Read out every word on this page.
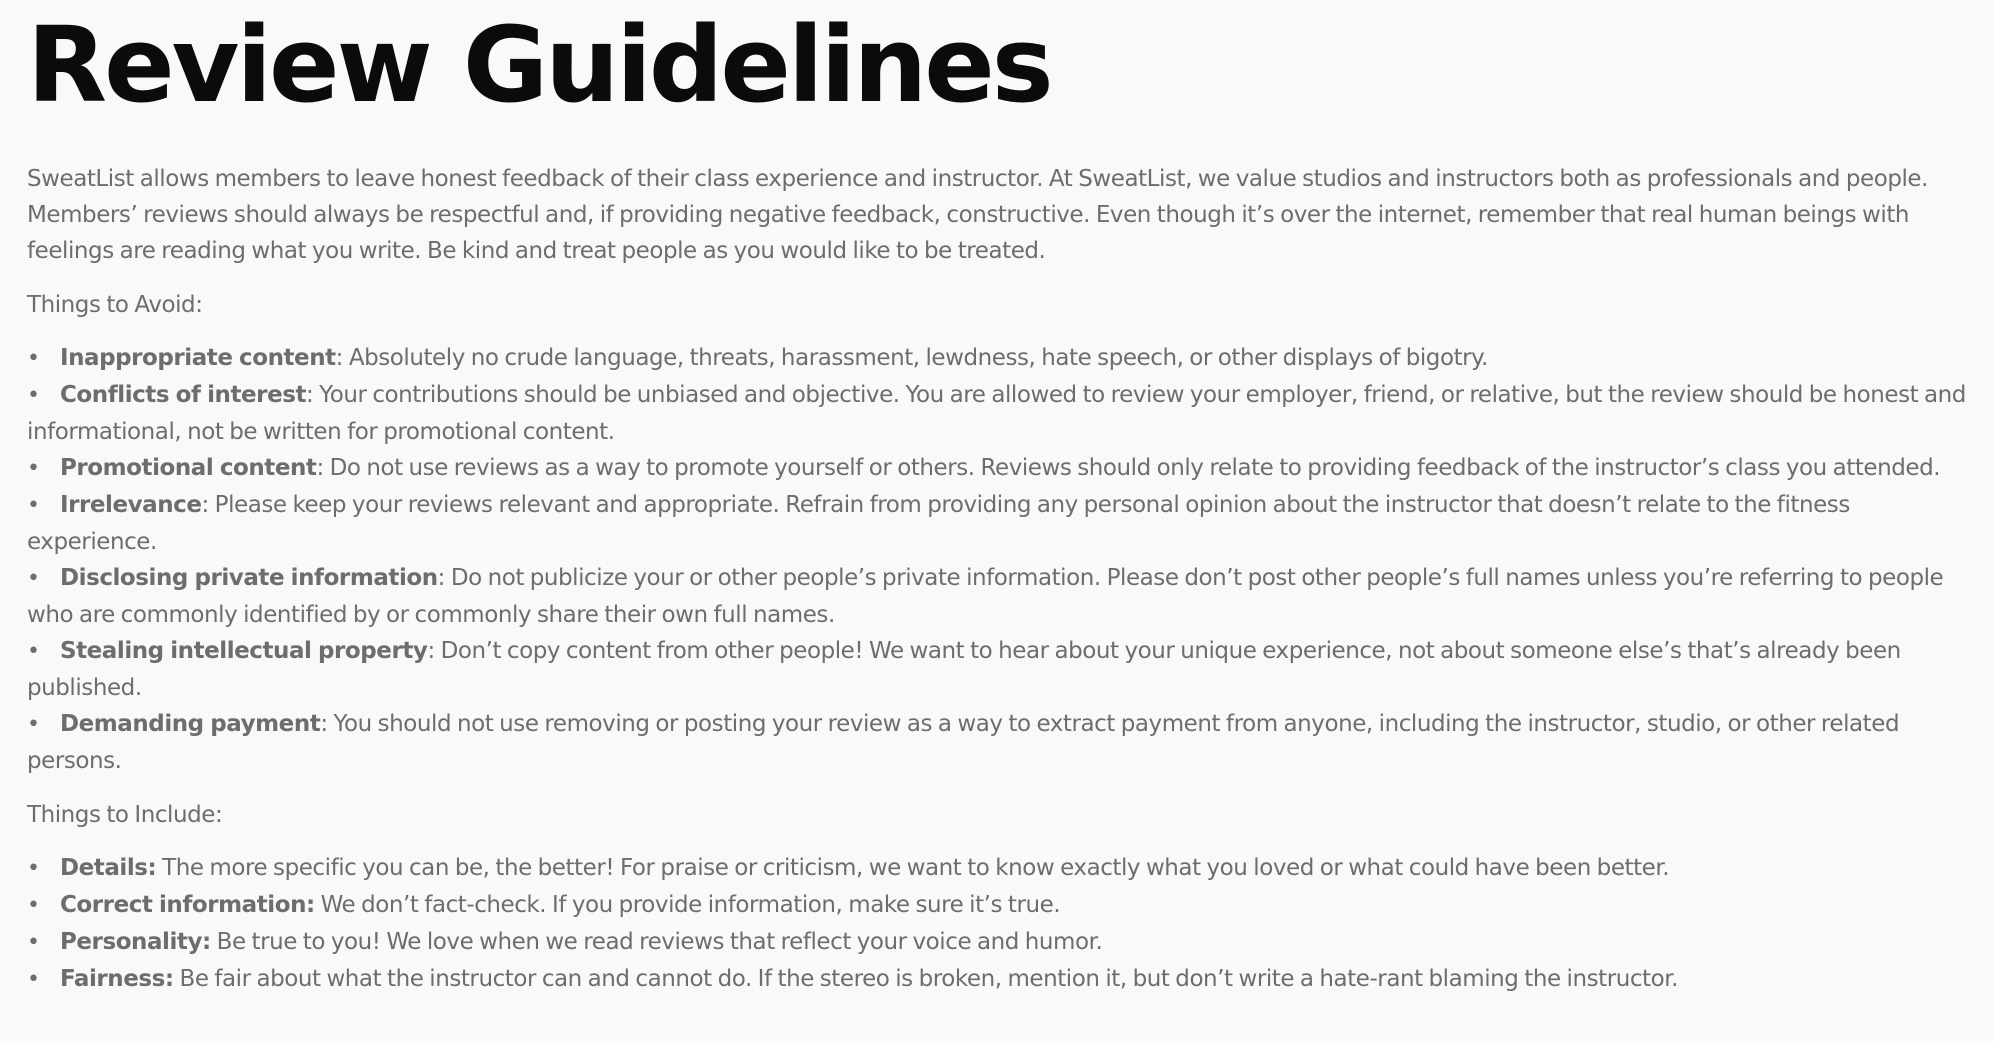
Review Guidelines

SweatList allows members to leave honest feedback of their class experience and instructor. At SweatList, we value studios and instructors both as professionals and people. Members’ reviews should always be respectful and, if providing negative feedback, constructive. Even though it’s over the internet, remember that real human beings with feelings are reading what you write. Be kind and treat people as you would like to be treated.

Things to Avoid:

•Inappropriate content: Absolutely no crude language, threats, harassment, lewdness, hate speech, or other displays of bigotry.
•Conflicts of interest: Your contributions should be unbiased and objective. You are allowed to review your employer, friend, or relative, but the review should be honest and informational, not be written for promotional content.
•Promotional content: Do not use reviews as a way to promote yourself or others. Reviews should only relate to providing feedback of the instructor’s class you attended.
•Irrelevance: Please keep your reviews relevant and appropriate. Refrain from providing any personal opinion about the instructor that doesn’t relate to the fitness experience.
•Disclosing private information: Do not publicize your or other people’s private information. Please don’t post other people’s full names unless you’re referring to people who are commonly identified by or commonly share their own full names.
•Stealing intellectual property: Don’t copy content from other people! We want to hear about your unique experience, not about someone else’s that’s already been published.
•Demanding payment: You should not use removing or posting your review as a way to extract payment from anyone, including the instructor, studio, or other related persons.

Things to Include:

•Details: The more specific you can be, the better! For praise or criticism, we want to know exactly what you loved or what could have been better.
•Correct information: We don’t fact-check. If you provide information, make sure it’s true.
•Personality: Be true to you! We love when we read reviews that reflect your voice and humor.
•Fairness: Be fair about what the instructor can and cannot do. If the stereo is broken, mention it, but don’t write a hate-rant blaming the instructor.
